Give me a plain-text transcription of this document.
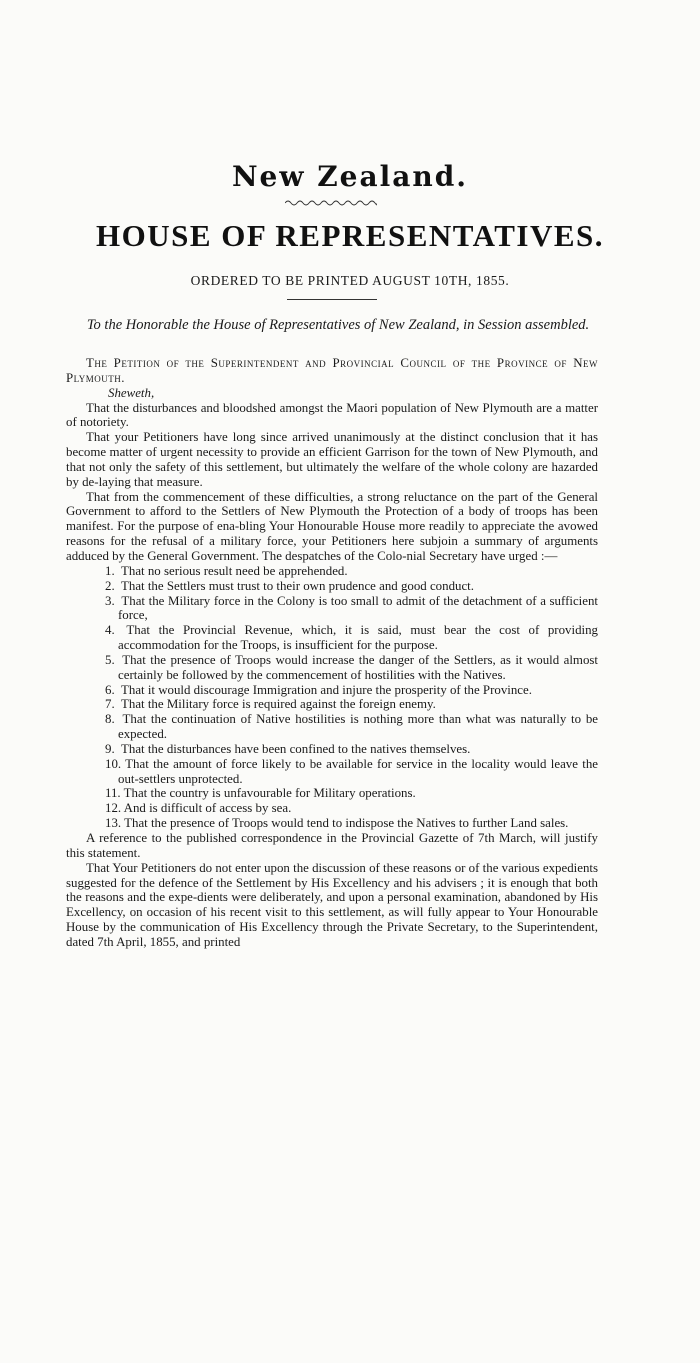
New Zealand.
HOUSE OF REPRESENTATIVES.
ORDERED TO BE PRINTED AUGUST 10TH, 1855.
To the Honorable the House of Representatives of New Zealand, in Session assembled.

The Petition of the Superintendent and Provincial Council of the Province of New Plymouth.

Sheweth,

That the disturbances and bloodshed amongst the Maori population of New Plymouth are a matter of notoriety.

That your Petitioners have long since arrived unanimously at the distinct conclusion that it has become matter of urgent necessity to provide an efficient Garrison for the town of New Plymouth, and that not only the safety of this settlement, but ultimately the welfare of the whole colony are hazarded by de-laying that measure.

That from the commencement of these difficulties, a strong reluctance on the part of the General Government to afford to the Settlers of New Plymouth the Protection of a body of troops has been manifest. For the purpose of ena-bling Your Honourable House more readily to appreciate the avowed reasons for the refusal of a military force, your Petitioners here subjoin a summary of arguments adduced by the General Government. The despatches of the Colo-nial Secretary have urged :—

1. That no serious result need be apprehended.
2. That the Settlers must trust to their own prudence and good conduct.
3. That the Military force in the Colony is too small to admit of the detachment of a sufficient force,
4. That the Provincial Revenue, which, it is said, must bear the cost of providing accommodation for the Troops, is insufficient for the purpose.
5. That the presence of Troops would increase the danger of the Settlers, as it would almost certainly be followed by the commencement of hostilities with the Natives.
6. That it would discourage Immigration and injure the prosperity of the Province.
7. That the Military force is required against the foreign enemy.
8. That the continuation of Native hostilities is nothing more than what was naturally to be expected.
9. That the disturbances have been confined to the natives themselves.
10. That the amount of force likely to be available for service in the locality would leave the out-settlers unprotected.
11. That the country is unfavourable for Military operations.
12. And is difficult of access by sea.
13. That the presence of Troops would tend to indispose the Natives to further Land sales.

A reference to the published correspondence in the Provincial Gazette of 7th March, will justify this statement.

That Your Petitioners do not enter upon the discussion of these reasons or of the various expedients suggested for the defence of the Settlement by His Excellency and his advisers ; it is enough that both the reasons and the expe-dients were deliberately, and upon a personal examination, abandoned by His Excellency, on occasion of his recent visit to this settlement, as will fully appear to Your Honourable House by the communication of His Excellency through the Private Secretary, to the Superintendent, dated 7th April, 1855, and printed
